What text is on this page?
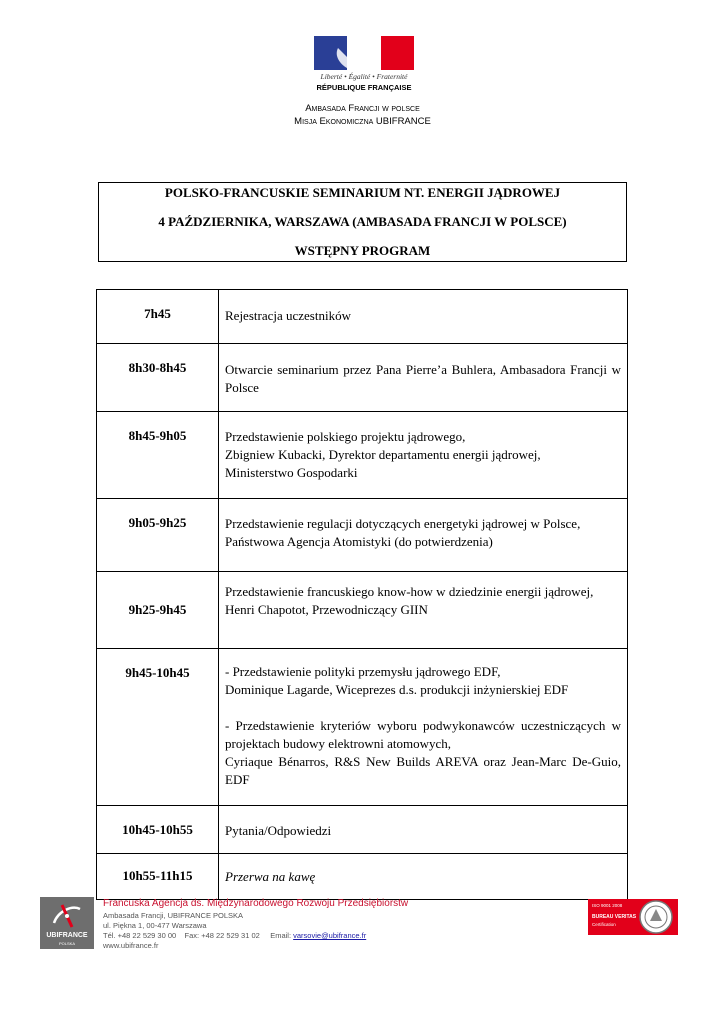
Liberté • Égalité • Fraternité
RÉPUBLIQUE FRANÇAISE
Ambasada Francji w polsce
Misja Ekonomiczna UBIFRANCE
POLSKO-FRANCUSKIE SEMINARIUM NT. ENERGII JĄDROWEJ
4 PAŹDZIERNIKA, WARSZAWA (AMBASADA FRANCJI W POLSCE)
WSTĘPNY PROGRAM
7h45	Rejestracja uczestników

8h30-8h45	Otwarcie seminarium przez Pana Pierre’a Buhlera, Ambasadora Francji w Polsce

8h45-9h05	Przedstawienie polskiego projektu jądrowego,

Zbigniew Kubacki, Dyrektor departamentu energii jądrowej,

Ministerstwo Gospodarki

9h05-9h25	Przedstawienie regulacji dotyczących energetyki jądrowej w Polsce,

Państwowa Agencja Atomistyki (do potwierdzenia)

9h25-9h45

Przedstawienie francuskiego know-how w dziedzinie energii jądrowej,

Henri Chapotot, Przewodniczący GIIN

9h45-10h45	- Przedstawienie polityki przemysłu jądrowego EDF,

Dominique Lagarde, Wiceprezes d.s. produkcji inżynierskiej EDF

- Przedstawienie kryteriów wyboru podwykonawców uczestniczących w projektach budowy elektrowni atomowych,

Cyriaque Bénarros, R&S New Builds AREVA oraz Jean-Marc De-Guio, EDF

10h45-10h55	Pytania/Odpowiedzi

10h55-11h15	Przerwa na kawę

UBIFRANCE
POLSKA
Francuska Agencja ds. Międzynarodowego Rozwoju Przedsiębiorstw
Ambasada Francji, UBIFRANCE POLSKA
ul. Piękna 1, 00-477 Warszawa
Tél. +48 22 529 30 00    Fax: +48 22 529 31 02     Email: varsovie@ubifrance.fr
www.ubifrance.fr
ISO 9001 2008
BUREAU VERITAS
Certification
